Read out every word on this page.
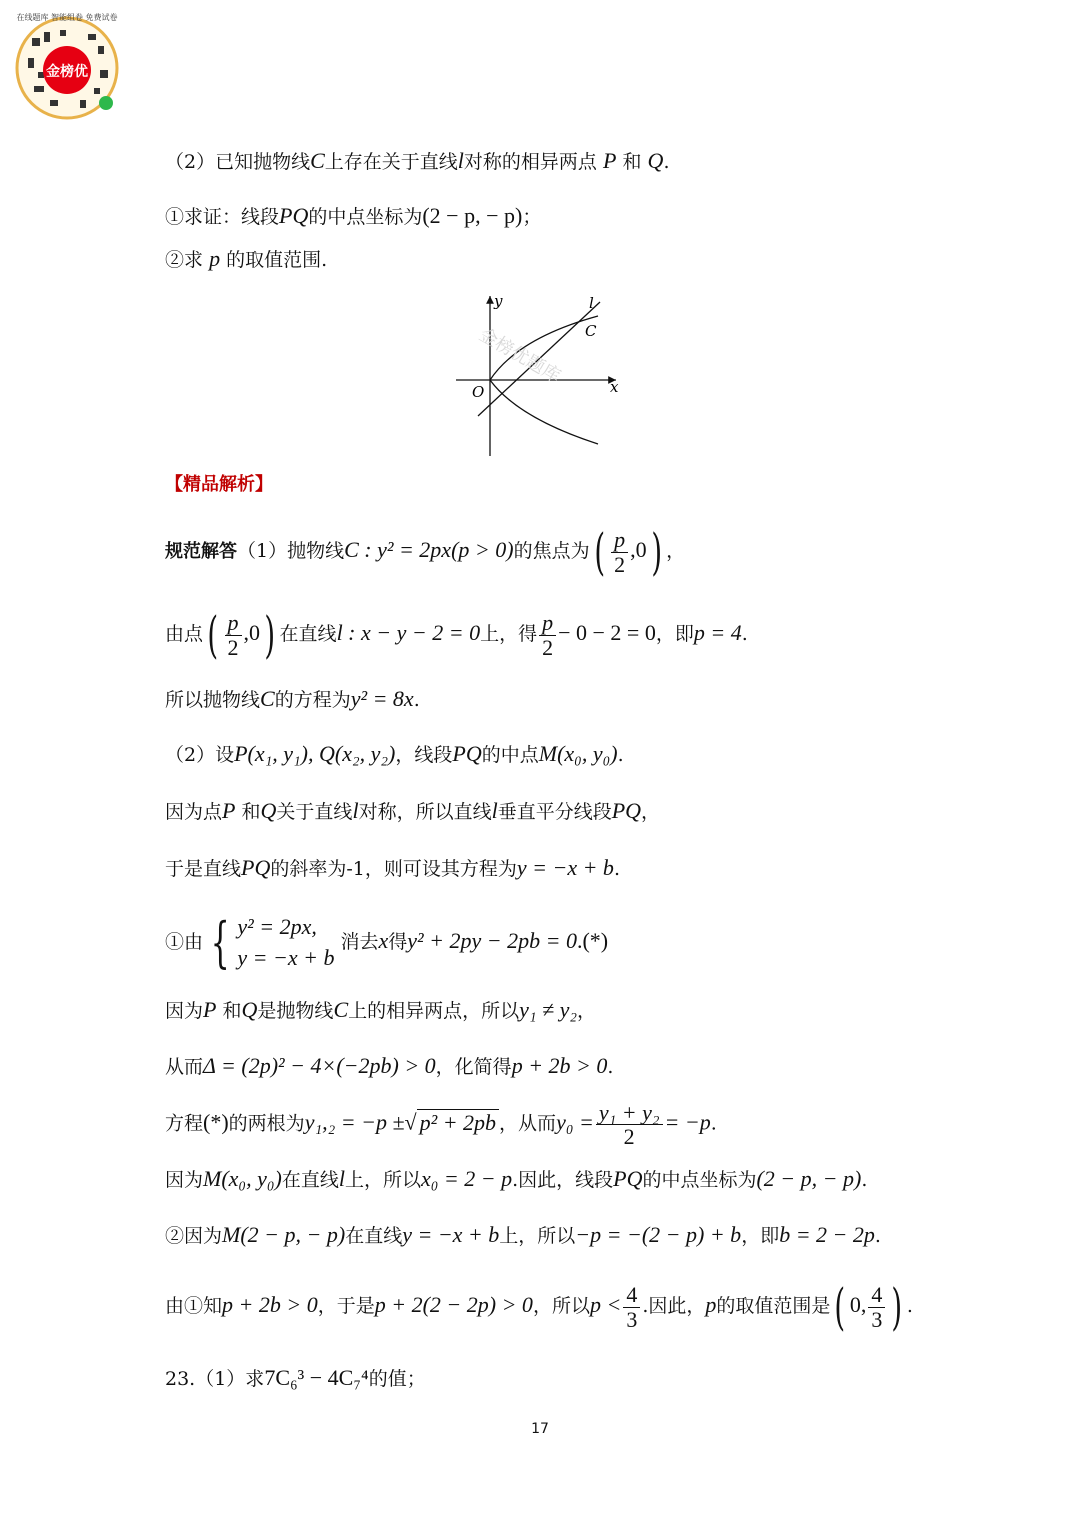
金榜优
在线题库 智能组卷 免费试卷
（2）已知抛物线C上存在关于直线l对称的相异两点 P 和 Q.
①求证：线段PQ的中点坐标为(2 − p, − p)；
②求 p 的取值范围.
y
x
O
C
l
金榜优题库
【精品解析】
规范解答（1）抛物线C : y² = 2px(p > 0)的焦点为( $\frac{p}{2} ,0$) ，
由点( $\frac{p}{2} ,0$) 在直线l : x − y − 2 = 0上，得 $\frac{p}{2} - 0 - 2 = 0$，即p = 4.
所以抛物线C的方程为y² = 8x.
（2）设P(x₁, y₁), Q(x₂, y₂)，线段PQ的中点M(x₀, y₀).
因为点P 和Q关于直线l对称，所以直线l垂直平分线段PQ，
于是直线PQ的斜率为-1，则可设其方程为y = −x + b.
①由 { y² = 2px,
y = −x + b
消去x得y² + 2py − 2pb = 0.(*)
因为P 和Q是抛物线C上的相异两点，所以y₁ ≠ y₂，
从而Δ = (2p)² − 4×(−2pb) > 0，化简得p + 2b > 0.
方程(*)的两根为y₁,₂ = −p ±√ p² + 2pb ，从而$y_0 = \frac{\text{y₁ + y₂}}{2} = -p$.
因为M(x₀, y₀)在直线l上，所以x₀ = 2 − p.因此，线段PQ的中点坐标为(2 − p, − p).
②因为M(2 − p, − p)在直线y = −x + b上，所以−p = −(2 − p) + b，即b = 2 − 2p.
由①知p + 2b > 0，于是p + 2(2 − 2p) > 0，所以$p < \frac{4}{3}$ .因此，p的取值范围是( 0, $\frac{4}{3}$ ) .
23.（1）求7C₆³ − 4C₇⁴的值；
17
